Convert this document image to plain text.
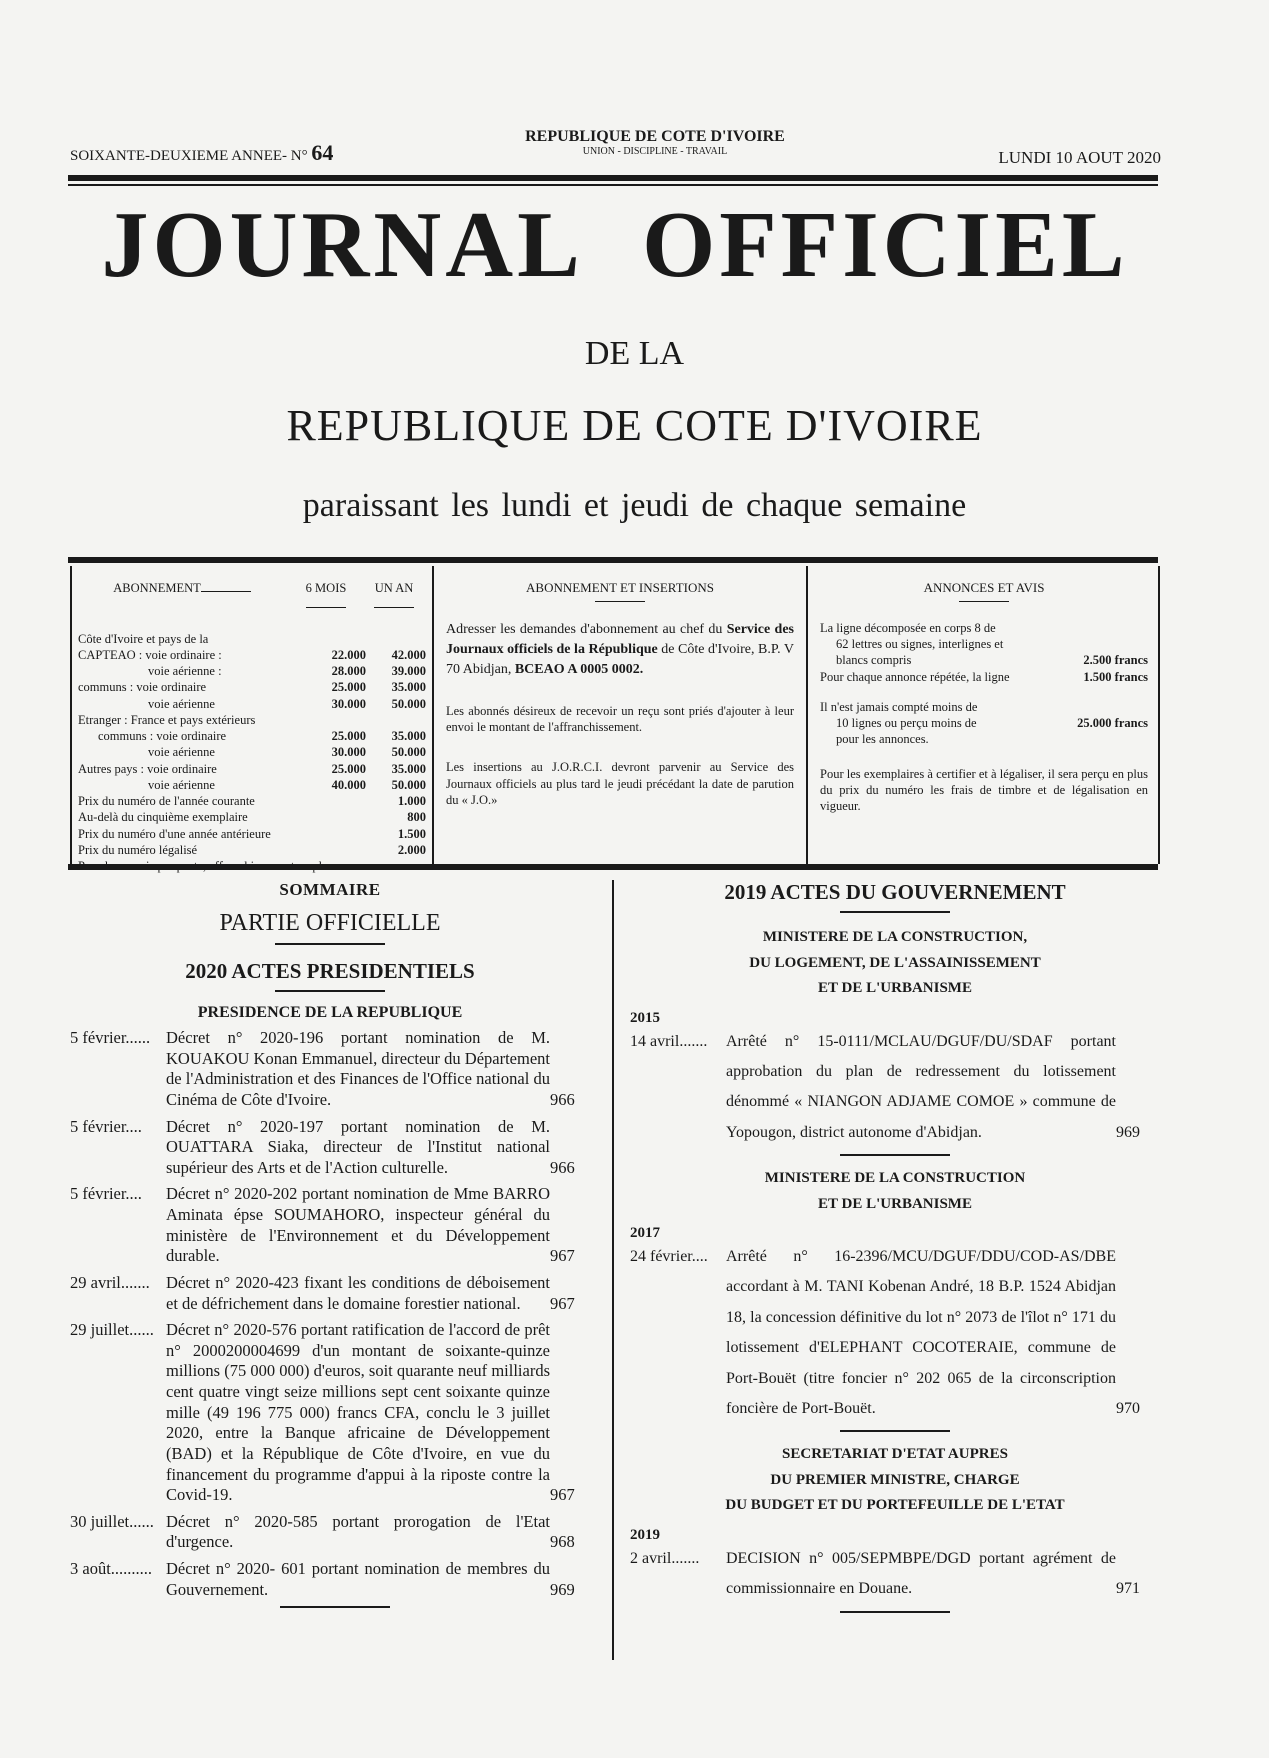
SOIXANTE-DEUXIEME ANNEE- N° 64
REPUBLIQUE DE COTE D'IVOIRE
UNION - DISCIPLINE - TRAVAIL	LUNDI 10 AOUT 2020
JOURNAL OFFICIEL
DE LA
REPUBLIQUE DE COTE D'IVOIRE
paraissant les lundi et jeudi de chaque semaine
ABONNEMENT	6 MOIS	UN AN
Côte d'Ivoire et pays de la
CAPTEAO : voie ordinaire :	22.000	42.000
voie aérienne :	28.000	39.000
communs : voie ordinaire	25.000	35.000
voie aérienne	30.000	50.000
Etranger : France et pays extérieurs
communs : voie ordinaire	25.000	35.000
voie aérienne	30.000	50.000
Autres pays : voie ordinaire	25.000	35.000
voie aérienne	40.000	50.000
Prix du numéro de l'année courante	1.000
Au-delà du cinquième exemplaire	800
Prix du numéro d'une année antérieure	1.500
Prix du numéro légalisé	2.000
ABONNEMENT ET INSERTIONS
Adresser les demandes d'abonnement au chef du Service des Journaux officiels de la République de Côte d'Ivoire, B.P. V 70 Abidjan, BCEAO A 0005 0002.
Les abonnés désireux de recevoir un reçu sont priés d'ajouter à leur envoi le montant de l'affranchissement.
Les insertions au J.O.R.C.I. devront parvenir au Service des Journaux officiels au plus tard le jeudi précédant la date de parution du « J.O.»
ANNONCES ET AVIS
La ligne décomposée en corps 8 de
62 lettres ou signes, interlignes et
blancs compris	2.500 francs
Pour chaque annonce répétée, la ligne	1.500 francs
Il n'est jamais compté moins de
10 lignes ou perçu moins de	25.000 francs
pour les annonces.
Pour les exemplaires à certifier et à légaliser, il sera perçu en plus du prix du numéro les frais de timbre et de légalisation en vigueur.
SOMMAIRE
PARTIE OFFICIELLE
2020 ACTES PRESIDENTIELS
PRESIDENCE DE LA REPUBLIQUE
5 février...... Décret n° 2020-196 portant nomination de M. KOUAKOU Konan Emmanuel, directeur du Département de l'Administration et des Finances de l'Office national du Cinéma de Côte d'Ivoire.	966
5 février....	Décret n° 2020-197 portant nomination de M. OUATTARA Siaka, directeur de l'Institut national supérieur des Arts et de l'Action culturelle.	966
5 février....	Décret n° 2020-202 portant nomination de Mme BARRO Aminata épse SOUMAHORO, inspecteur général du ministère de l'Environnement et du Développement durable.	967
29 avril....... Décret n° 2020-423 fixant les conditions de déboisement et de défrichement dans le domaine forestier national.	967
29 juillet...... Décret n° 2020-576 portant ratification de l'accord de prêt n° 2000200004699 d'un montant de soixante-quinze millions (75 000 000) d'euros, soit quarante neuf milliards cent quatre vingt seize millions sept cent soixante quinze mille (49 196 775 000) francs CFA, conclu le 3 juillet 2020, entre la Banque africaine de Développement (BAD) et la République de Côte d'Ivoire, en vue du financement du programme d'appui à la riposte contre la Covid-19.	967
30 juillet...... Décret n° 2020-585 portant prorogation de l'Etat d'urgence.	968
3 août.......... Décret n° 2020- 601 portant nomination de membres du Gouvernement.	969
2019 ACTES DU GOUVERNEMENT
MINISTERE DE LA CONSTRUCTION,
DU LOGEMENT, DE L'ASSAINISSEMENT
ET DE L'URBANISME
2015
14 avril.......	Arrêté n° 15-0111/MCLAU/DGUF/DU/SDAF portant approbation du plan de redressement du lotissement dénommé « NIANGON ADJAME COMOE » commune de Yopougon, district autonome d'Abidjan.	969
MINISTERE DE LA CONSTRUCTION
ET DE L'URBANISME
2017
24 février....	Arrêté n° 16-2396/MCU/DGUF/DDU/COD-AS/DBE accordant à M. TANI Kobenan André, 18 B.P. 1524 Abidjan 18, la concession définitive du lot n° 2073 de l'îlot n° 171 du lotissement d'ELEPHANT COCOTERAIE, commune de Port-Bouët (titre foncier n° 202 065 de la circonscription foncière de Port-Bouët.	970
SECRETARIAT D'ETAT AUPRES
DU PREMIER MINISTRE, CHARGE
DU BUDGET ET DU PORTEFEUILLE DE L'ETAT
2019
2 avril.......	DECISION n° 005/SEPMBPE/DGD portant agrément de commissionnaire en Douane.	971
